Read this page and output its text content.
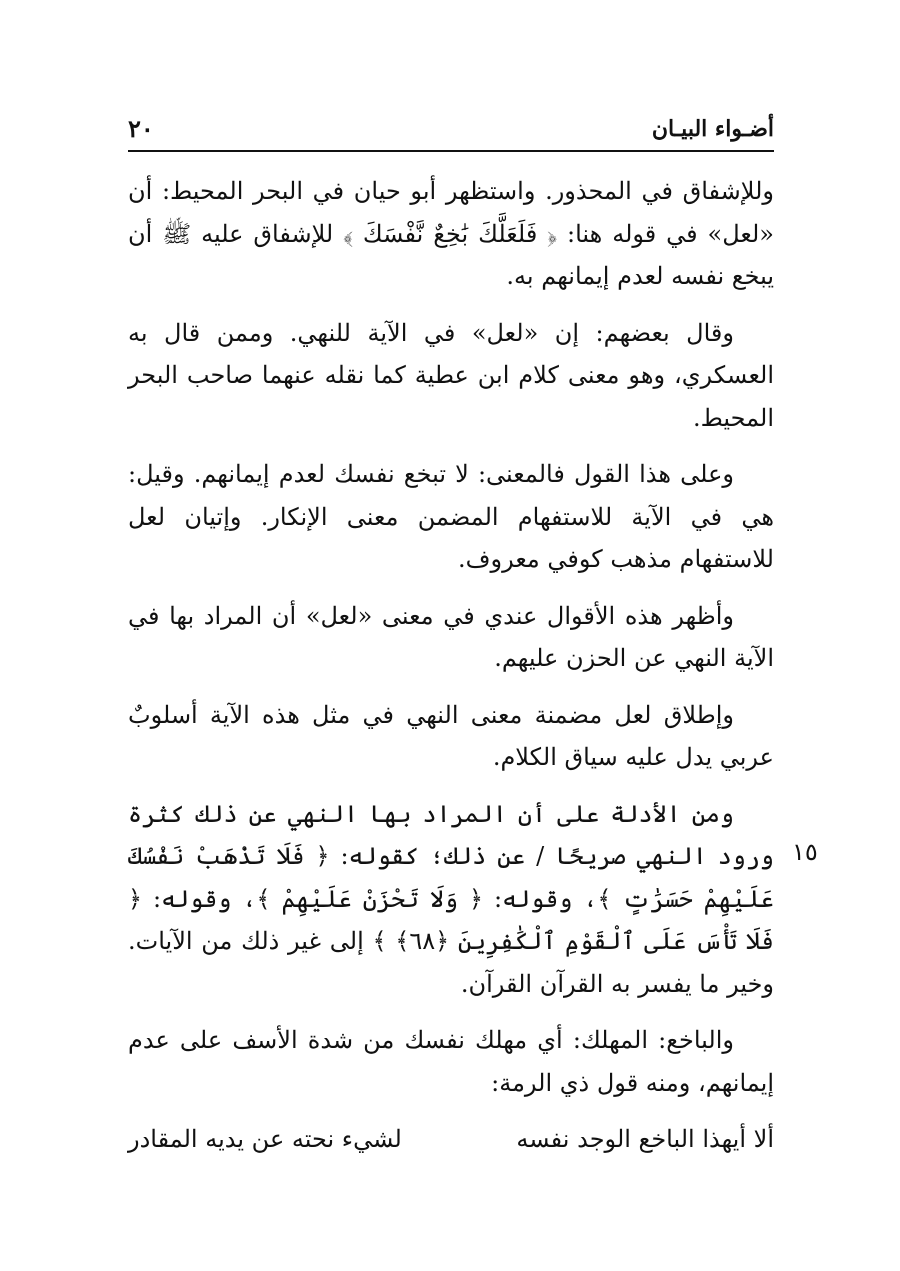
أضـواء البيـان
٢٠
١٥

وللإشفاق في المحذور. واستظهر أبو حيان في البحر المحيط: أن «لعل» في قوله هنا: ﴿ فَلَعَلَّكَ بَٰخِعٌ نَّفْسَكَ ﴾ للإشفاق عليه ﷺ أن يبخع نفسه لعدم إيمانهم به.

وقال بعضهم: إن «لعل» في الآية للنهي. وممن قال به العسكري، وهو معنى كلام ابن عطية كما نقله عنهما صاحب البحر المحيط.

وعلى هذا القول فالمعنى: لا تبخع نفسك لعدم إيمانهم. وقيل: هي في الآية للاستفهام المضمن معنى الإنكار. وإتيان لعل للاستفهام مذهب كوفي معروف.

وأظهر هذه الأقوال عندي في معنى «لعل» أن المراد بها في الآية النهي عن الحزن عليهم.

وإطلاق لعل مضمنة معنى النهي في مثل هذه الآية أسلوبٌ عربي يدل عليه سياق الكلام.

ومن الأدلة على أن المراد بها النهي عن ذلك كثرة ورود النهي صريحًا / عن ذلك؛ كقوله: ﴿ فَلَا تَذْهَبْ نَفْسُكَ عَلَيْهِمْ حَسَرَٰتٍ ﴾، وقوله: ﴿ وَلَا تَحْزَنْ عَلَيْهِمْ ﴾، وقوله: ﴿ فَلَا تَأْسَ عَلَى ٱلْقَوْمِ ٱلْكَٰفِرِينَ ﴿٦٨﴾ ﴾ إلى غير ذلك من الآيات. وخير ما يفسر به القرآن القرآن.

والباخع: المهلك: أي مهلك نفسك من شدة الأسف على عدم إيمانهم، ومنه قول ذي الرمة:

ألا أيهذا الباخع الوجد نفسه
لشيء نحته عن يديه المقادر
